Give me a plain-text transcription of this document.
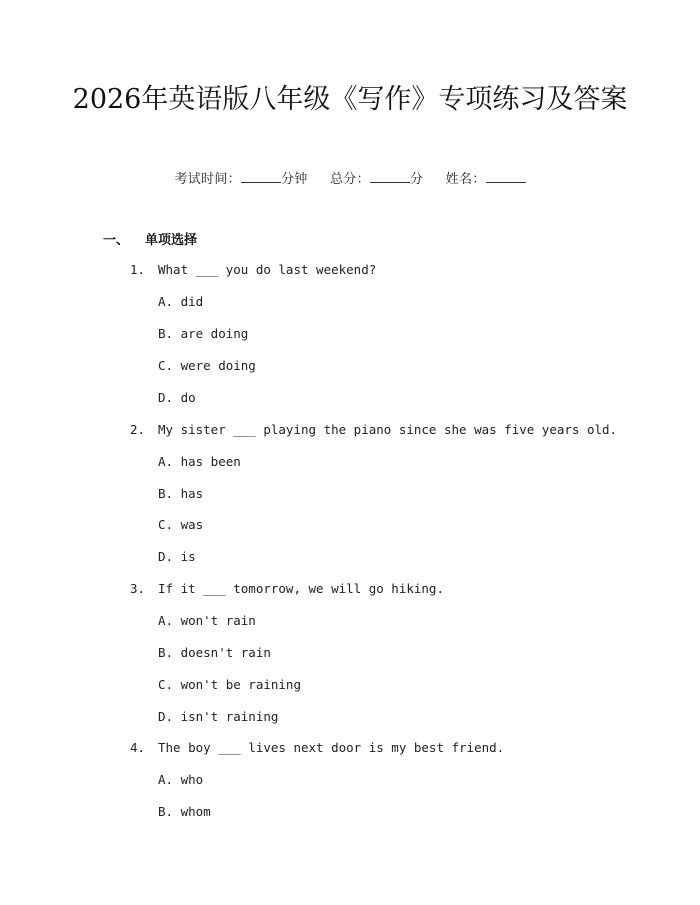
2026年英语版八年级《写作》专项练习及答案
考试时间：	分钟 总分：	分 姓名：
一、 单项选择
1. What ___ you do last weekend?
A. did
B. are doing
C. were doing
D. do
2. My sister ___ playing the piano since she was five years old.
A. has been
B. has
C. was
D. is
3. If it ___ tomorrow, we will go hiking.
A. won't rain
B. doesn't rain
C. won't be raining
D. isn't raining
4. The boy ___ lives next door is my best friend.
A. who
B. whom
